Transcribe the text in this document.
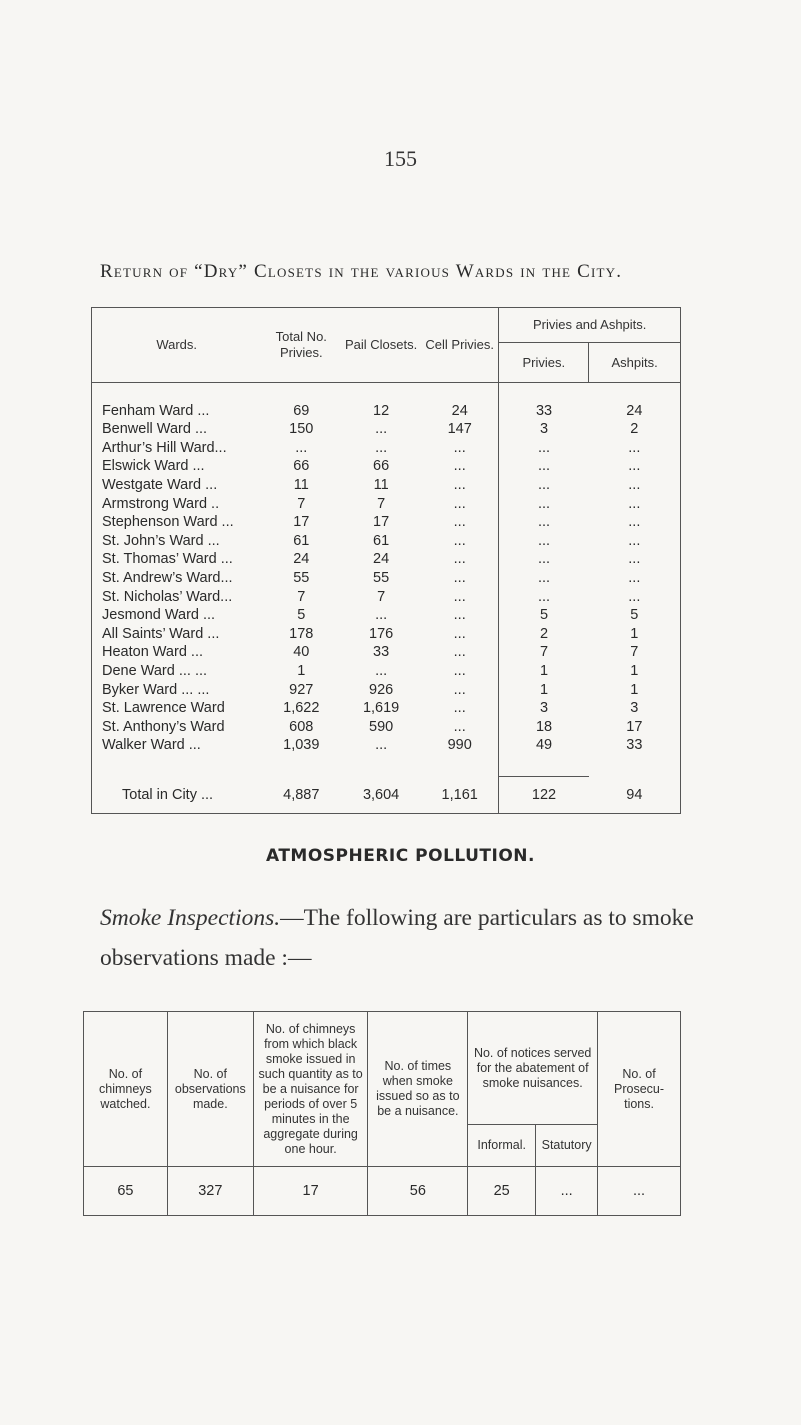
155
Return of “Dry” Closets in the various Wards in the City.
Wards.	Total No. Privies.	Pail Closets.	Cell Privies.	Privies and Ashpits.	
				Privies.	Ashpits.

Fenham Ward ...	69	12	24	33	24
Benwell Ward ...	150	...	147	3	2
Arthur’s Hill Ward...	...	...	...	...	...
Elswick Ward ...	66	66	...	...	...
Westgate Ward ...	11	11	...	...	...
Armstrong Ward ..	7	7	...	...	...
Stephenson Ward ...	17	17	...	...	...
St. John’s Ward ...	61	61	...	...	...
St. Thomas’ Ward ...	24	24	...	...	...
St. Andrew’s Ward...	55	55	...	...	...
St. Nicholas’ Ward...	7	7	...	...	...
Jesmond Ward ...	5	...	...	5	5
All Saints’ Ward ...	178	176	...	2	1
Heaton Ward ...	40	33	...	7	7
Dene Ward ... ...	1	...	...	1	1
Byker Ward ... ...	927	926	...	1	1
St. Lawrence Ward	1,622	1,619	...	3	3
St. Anthony’s Ward	608	590	...	18	17
Walker Ward ...	1,039	...	990	49	33

Total in City ...	4,887	3,604	1,161	122	94
ATMOSPHERIC POLLUTION.
Smoke Inspections.—The following are particulars as to smoke observations made :—
No. of chimneys watched.	No. of observations made.	No. of chimneys from which black smoke issued in such quantity as to be a nuisance for periods of over 5 minutes in the aggregate during one hour.	No. of times when smoke issued so as to be a nuisance.	No. of notices served for the abatement of smoke nuisances.		No. of Prosecu- tions.
				Informal.	Statutory	
65	327	17	56	25	...	...
